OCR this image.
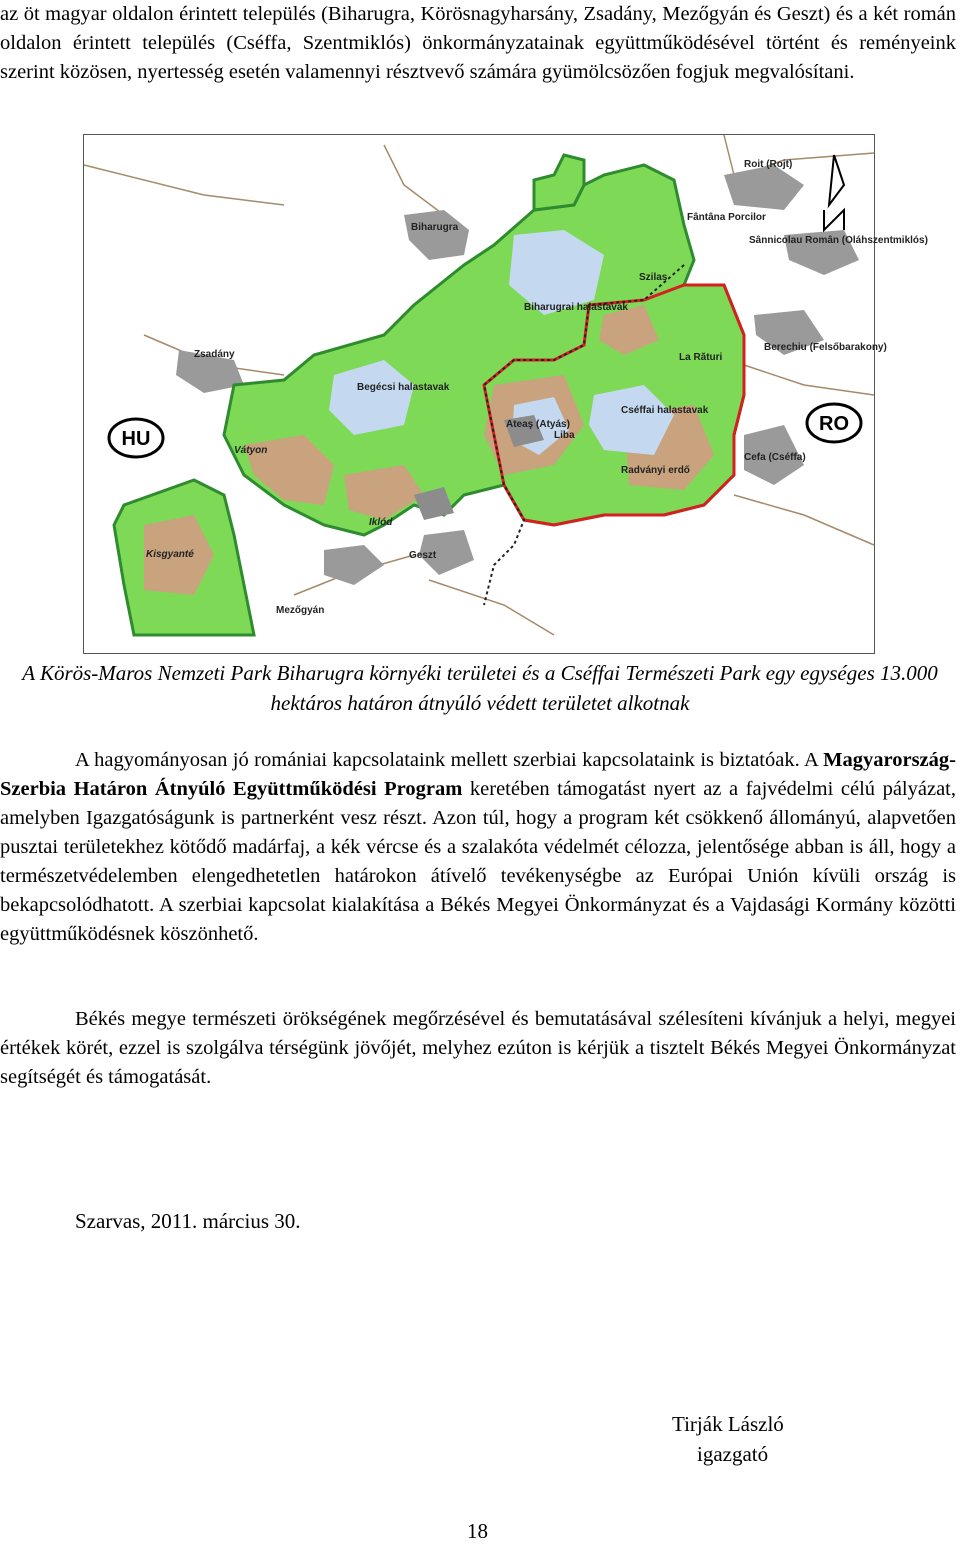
az öt magyar oldalon érintett település (Biharugra, Körösnagyharsány, Zsadány, Mezőgyán és Geszt) és a két román oldalon érintett település (Cséffa, Szentmiklós) önkormányzatainak együttműködésével történt és reményeink szerint közösen, nyertesség esetén valamennyi résztvevő számára gyümölcsözően fogjuk megvalósítani.

HU
RO
Biharugra
Zsadány
Begécsi halastavak
Biharugrai halastavak
Szilas
Fântâna Porcilor
Roit (Rojt)
Sânnicolau Român (Oláhszentmiklós)
Berechiu (Felsőbarakony)
La Rături
Ateaş (Atyás)
Liba
Cséffai halastavak
Radványi erdő
Cefa (Cséffa)
Vátyon
Iklód
Geszt
Kisgyanté
Mezőgyán

A Körös-Maros Nemzeti Park Biharugra környéki területei és a Cséffai Természeti Park egy egységes 13.000 hektáros határon átnyúló védett területet alkotnak

A hagyományosan jó romániai kapcsolataink mellett szerbiai kapcsolataink is biztatóak. A Magyarország-Szerbia Határon Átnyúló Együttműködési Program keretében támogatást nyert az a fajvédelmi célú pályázat, amelyben Igazgatóságunk is partnerként vesz részt. Azon túl, hogy a program két csökkenő állományú, alapvetően pusztai területekhez kötődő madárfaj, a kék vércse és a szalakóta védelmét célozza, jelentősége abban is áll, hogy a természetvédelemben elengedhetetlen határokon átívelő tevékenységbe az Európai Unión kívüli ország is bekapcsolódhatott. A szerbiai kapcsolat kialakítása a Békés Megyei Önkormányzat és a Vajdasági Kormány közötti együttműködésnek köszönhető.

Békés megye természeti örökségének megőrzésével és bemutatásával szélesíteni kívánjuk a helyi, megyei értékek körét, ezzel is szolgálva térségünk jövőjét, melyhez ezúton is kérjük a tisztelt Békés Megyei Önkormányzat segítségét és támogatását.

Szarvas, 2011. március 30.
Tirják László
igazgató
18
